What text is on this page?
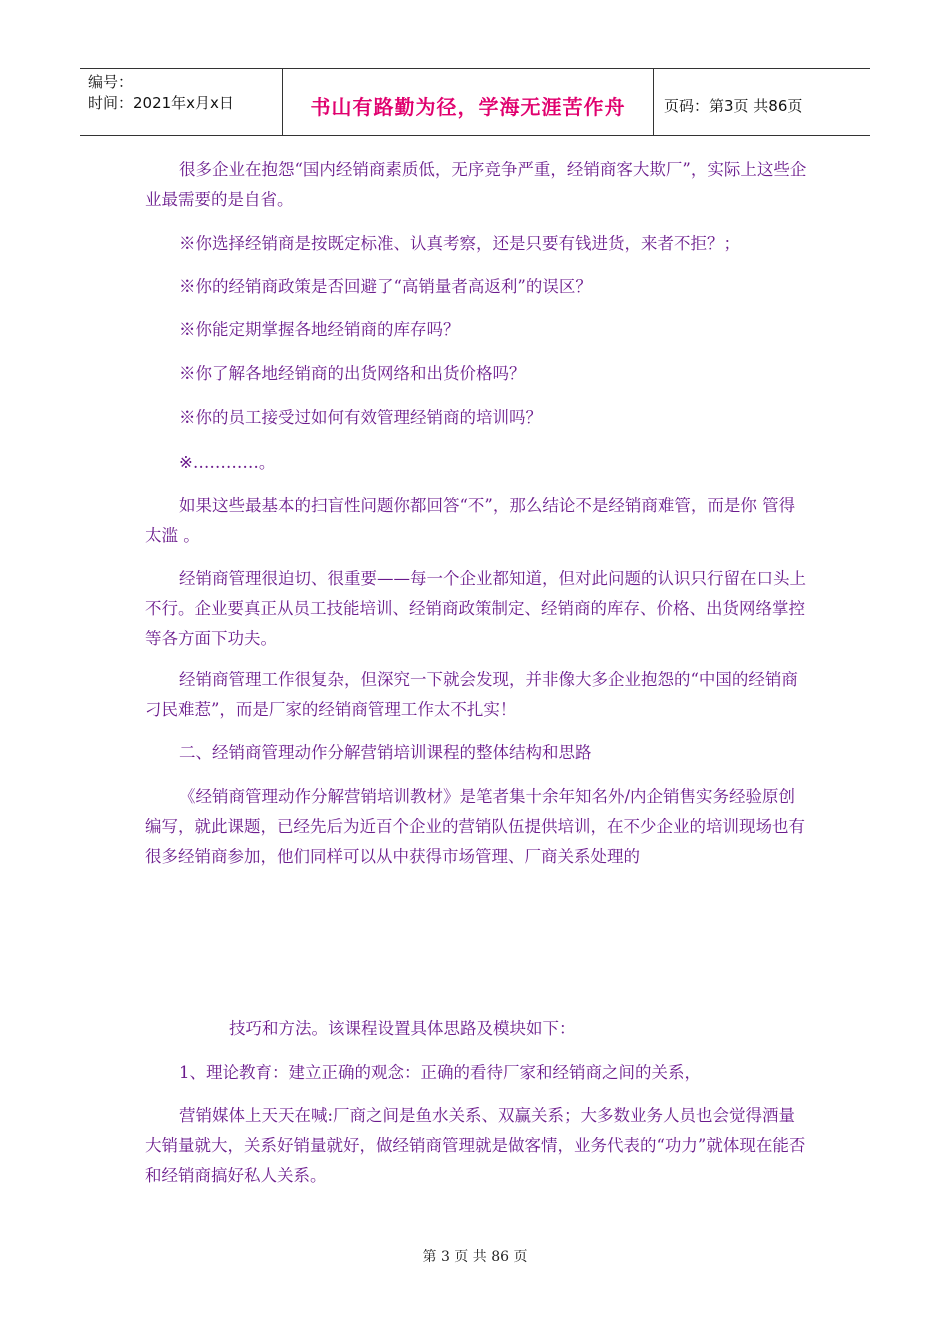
编号：
时间：2021年x月x日	书山有路勤为径，学海无涯苦作舟	页码：第3页 共86页

很多企业在抱怨“国内经销商素质低，无序竞争严重，经销商客大欺厂”，实际上这些企业最需要的是自省。

※你选择经销商是按既定标准、认真考察，还是只要有钱进货，来者不拒？；

※你的经销商政策是否回避了“高销量者高返利”的误区？

※你能定期掌握各地经销商的库存吗？

※你了解各地经销商的出货网络和出货价格吗？

※你的员工接受过如何有效管理经销商的培训吗？

※…………。

如果这些最基本的扫盲性问题你都回答“不”，那么结论不是经销商难管，而是你 管得太滥 。

经销商管理很迫切、很重要——每一个企业都知道，但对此问题的认识只行留在口头上不行。企业要真正从员工技能培训、经销商政策制定、经销商的库存、价格、出货网络掌控等各方面下功夫。

经销商管理工作很复杂，但深究一下就会发现，并非像大多企业抱怨的“中国的经销商刁民难惹”，而是厂家的经销商管理工作太不扎实！

二、经销商管理动作分解营销培训课程的整体结构和思路

《经销商管理动作分解营销培训教材》是笔者集十余年知名外/内企销售实务经验原创编写，就此课题，已经先后为近百个企业的营销队伍提供培训，在不少企业的培训现场也有很多经销商参加，他们同样可以从中获得市场管理、厂商关系处理的

技巧和方法。该课程设置具体思路及模块如下：

1、理论教育：建立正确的观念：正确的看待厂家和经销商之间的关系，

营销媒体上天天在喊:厂商之间是鱼水关系、双赢关系；大多数业务人员也会觉得酒量大销量就大，关系好销量就好，做经销商管理就是做客情，业务代表的“功力”就体现在能否和经销商搞好私人关系。

第 3 页 共 86 页
